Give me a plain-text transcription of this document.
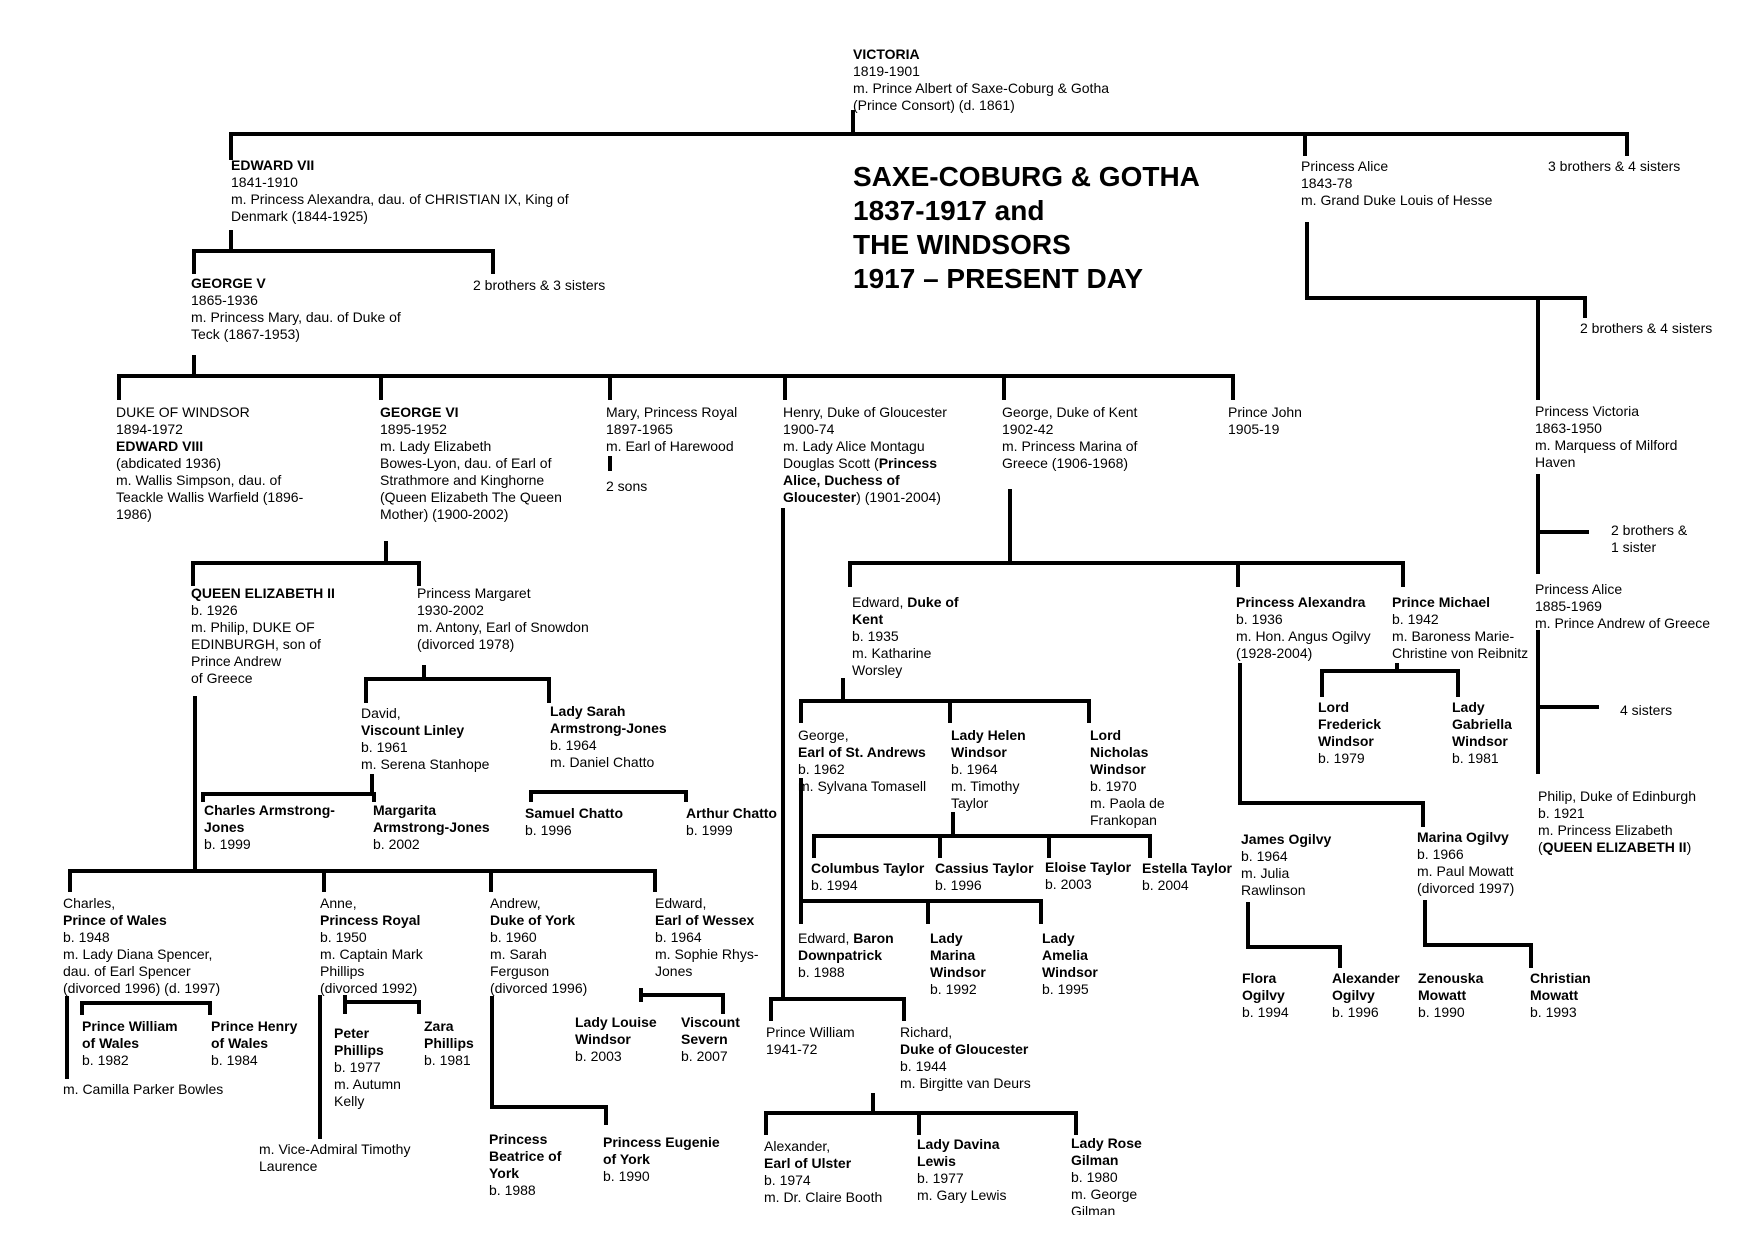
SAXE-COBURG & GOTHA
1837-1917 and
THE WINDSORS
1917 – PRESENT DAY
VICTORIA
1819-1901
m. Prince Albert of Saxe-Coburg & Gotha
(Prince Consort) (d. 1861)
EDWARD VII
1841-1910
m. Princess Alexandra, dau. of CHRISTIAN IX, King of
Denmark (1844-1925)
Princess Alice
1843-78
m. Grand Duke Louis of Hesse
3 brothers & 4 sisters
GEORGE V
1865-1936
m. Princess Mary, dau. of Duke of
Teck (1867-1953)
2 brothers & 3 sisters
2 brothers & 4 sisters
DUKE OF WINDSOR
1894-1972
EDWARD VIII
(abdicated 1936)
m. Wallis Simpson, dau. of
Teackle Wallis Warfield (1896-
1986)
GEORGE VI
1895-1952
m. Lady Elizabeth
Bowes-Lyon, dau. of Earl of
Strathmore and Kinghorne
(Queen Elizabeth The Queen
Mother) (1900-2002)
Mary, Princess Royal
1897-1965
m. Earl of Harewood
2 sons
Henry, Duke of Gloucester
1900-74
m. Lady Alice Montagu
Douglas Scott (Princess
Alice, Duchess of
Gloucester) (1901-2004)
George, Duke of Kent
1902-42
m. Princess Marina of
Greece (1906-1968)
Prince John
1905-19
Princess Victoria
1863-1950
m. Marquess of Milford
Haven
2 brothers &
1 sister
Princess Alice
1885-1969
m. Prince Andrew of Greece
4 sisters
Philip, Duke of Edinburgh
b. 1921
m. Princess Elizabeth
(QUEEN ELIZABETH II)
QUEEN ELIZABETH II
b. 1926
m. Philip, DUKE OF
EDINBURGH, son of
Prince Andrew
of Greece
Princess Margaret
1930-2002
m. Antony, Earl of Snowdon
(divorced 1978)
David,
Viscount Linley
b. 1961
m. Serena Stanhope
Lady Sarah
Armstrong-Jones
b. 1964
m. Daniel Chatto
Charles Armstrong-
Jones
b. 1999
Margarita
Armstrong-Jones
b. 2002
Samuel Chatto
b. 1996
Arthur Chatto
b. 1999
Edward, Duke of
Kent
b. 1935
m. Katharine
Worsley
Princess Alexandra
b. 1936
m. Hon. Angus Ogilvy
(1928-2004)
Prince Michael
b. 1942
m. Baroness Marie-
Christine von Reibnitz
Lord
Frederick
Windsor
b. 1979
Lady
Gabriella
Windsor
b. 1981
George,
Earl of St. Andrews
b. 1962
m. Sylvana Tomasell
Lady Helen
Windsor
b. 1964
m. Timothy
Taylor
Lord
Nicholas
Windsor
b. 1970
m. Paola de
Frankopan
Columbus Taylor
b. 1994
Cassius Taylor
b. 1996
Eloise Taylor
b. 2003
Estella Taylor
b. 2004
Edward, Baron
Downpatrick
b. 1988
Lady
Marina
Windsor
b. 1992
Lady
Amelia
Windsor
b. 1995
James Ogilvy
b. 1964
m. Julia
Rawlinson
Marina Ogilvy
b. 1966
m. Paul Mowatt
(divorced 1997)
Flora
Ogilvy
b. 1994
Alexander
Ogilvy
b. 1996
Zenouska
Mowatt
b. 1990
Christian
Mowatt
b. 1993
Charles,
Prince of Wales
b. 1948
m. Lady Diana Spencer,
dau. of Earl Spencer
(divorced 1996) (d. 1997)
m. Camilla Parker Bowles
Anne,
Princess Royal
b. 1950
m. Captain Mark
Phillips
(divorced 1992)
m. Vice-Admiral Timothy
Laurence
Andrew,
Duke of York
b. 1960
m. Sarah
Ferguson
(divorced 1996)
Edward,
Earl of Wessex
b. 1964
m. Sophie Rhys-
Jones
Prince William
of Wales
b. 1982
Prince Henry
of Wales
b. 1984
Peter
Phillips
b. 1977
m. Autumn
Kelly
Zara
Phillips
b. 1981
Princess
Beatrice of
York
b. 1988
Princess Eugenie
of York
b. 1990
Lady Louise
Windsor
b. 2003
Viscount
Severn
b. 2007
Prince William
1941-72
Richard,
Duke of Gloucester
b. 1944
m. Birgitte van Deurs
Alexander,
Earl of Ulster
b. 1974
m. Dr. Claire Booth
Lady Davina
Lewis
b. 1977
m. Gary Lewis
Lady Rose
Gilman
b. 1980
m. George
Gilman
